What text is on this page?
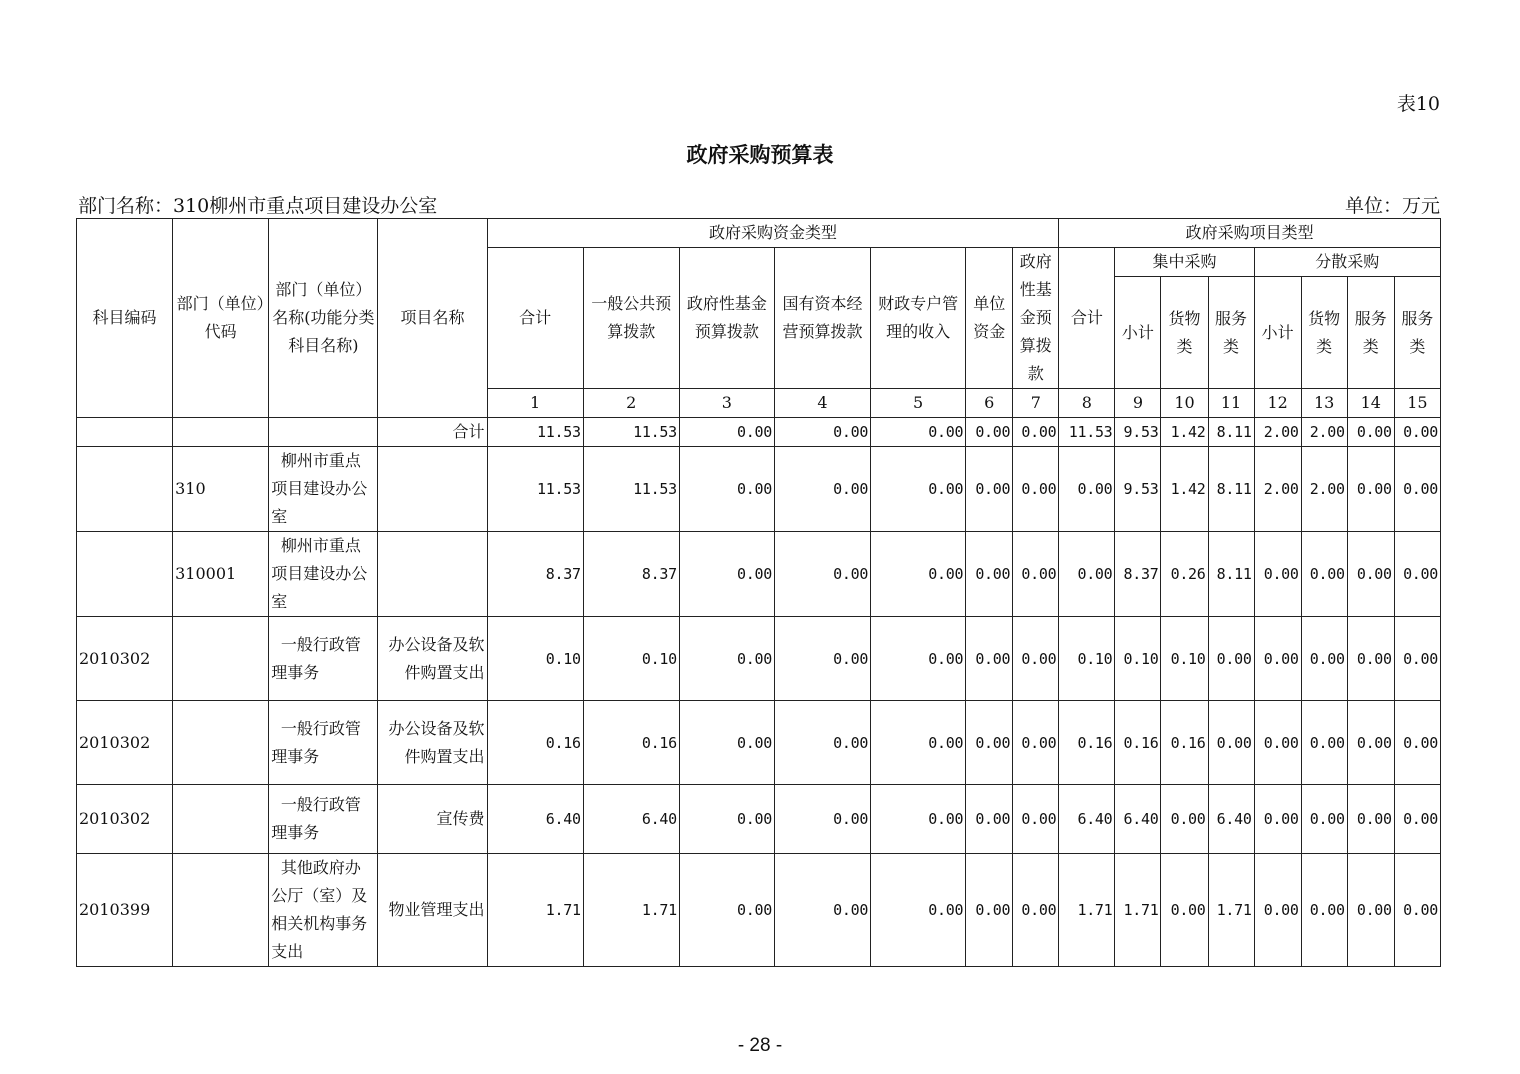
表10
政府采购预算表
部门名称：310柳州市重点项目建设办公室	单位：万元
科目编码	部门（单位）代码	部门（单位）名称(功能分类科目名称)	项目名称	政府采购资金类型							政府采购项目类型							
				合计	一般公共预算拨款	政府性基金预算拨款	国有资本经营预算拨款	财政专户管理的收入	单位资金	政府性基金预算拨款	合计	集中采购			分散采购			
												小计	货物类	服务类	小计	货物类	服务类	服务类
				1	2	3	4	5	6	7	8	9	10	11	12	13	14	15
			合计	11.53	11.53	0.00	0.00	0.00	0.00	0.00	11.53	9.53	1.42	8.11	2.00	2.00	0.00	0.00
	310	柳州市重点项目建设办公室		11.53	11.53	0.00	0.00	0.00	0.00	0.00	0.00	9.53	1.42	8.11	2.00	2.00	0.00	0.00
	310001	柳州市重点项目建设办公室		8.37	8.37	0.00	0.00	0.00	0.00	0.00	0.00	8.37	0.26	8.11	0.00	0.00	0.00	0.00
2010302		一般行政管理事务	办公设备及软件购置支出	0.10	0.10	0.00	0.00	0.00	0.00	0.00	0.10	0.10	0.10	0.00	0.00	0.00	0.00	0.00
2010302		一般行政管理事务	办公设备及软件购置支出	0.16	0.16	0.00	0.00	0.00	0.00	0.00	0.16	0.16	0.16	0.00	0.00	0.00	0.00	0.00
2010302		一般行政管理事务	宣传费	6.40	6.40	0.00	0.00	0.00	0.00	0.00	6.40	6.40	0.00	6.40	0.00	0.00	0.00	0.00
2010399		其他政府办公厅（室）及相关机构事务支出	物业管理支出	1.71	1.71	0.00	0.00	0.00	0.00	0.00	1.71	1.71	0.00	1.71	0.00	0.00	0.00	0.00
- 28 -
